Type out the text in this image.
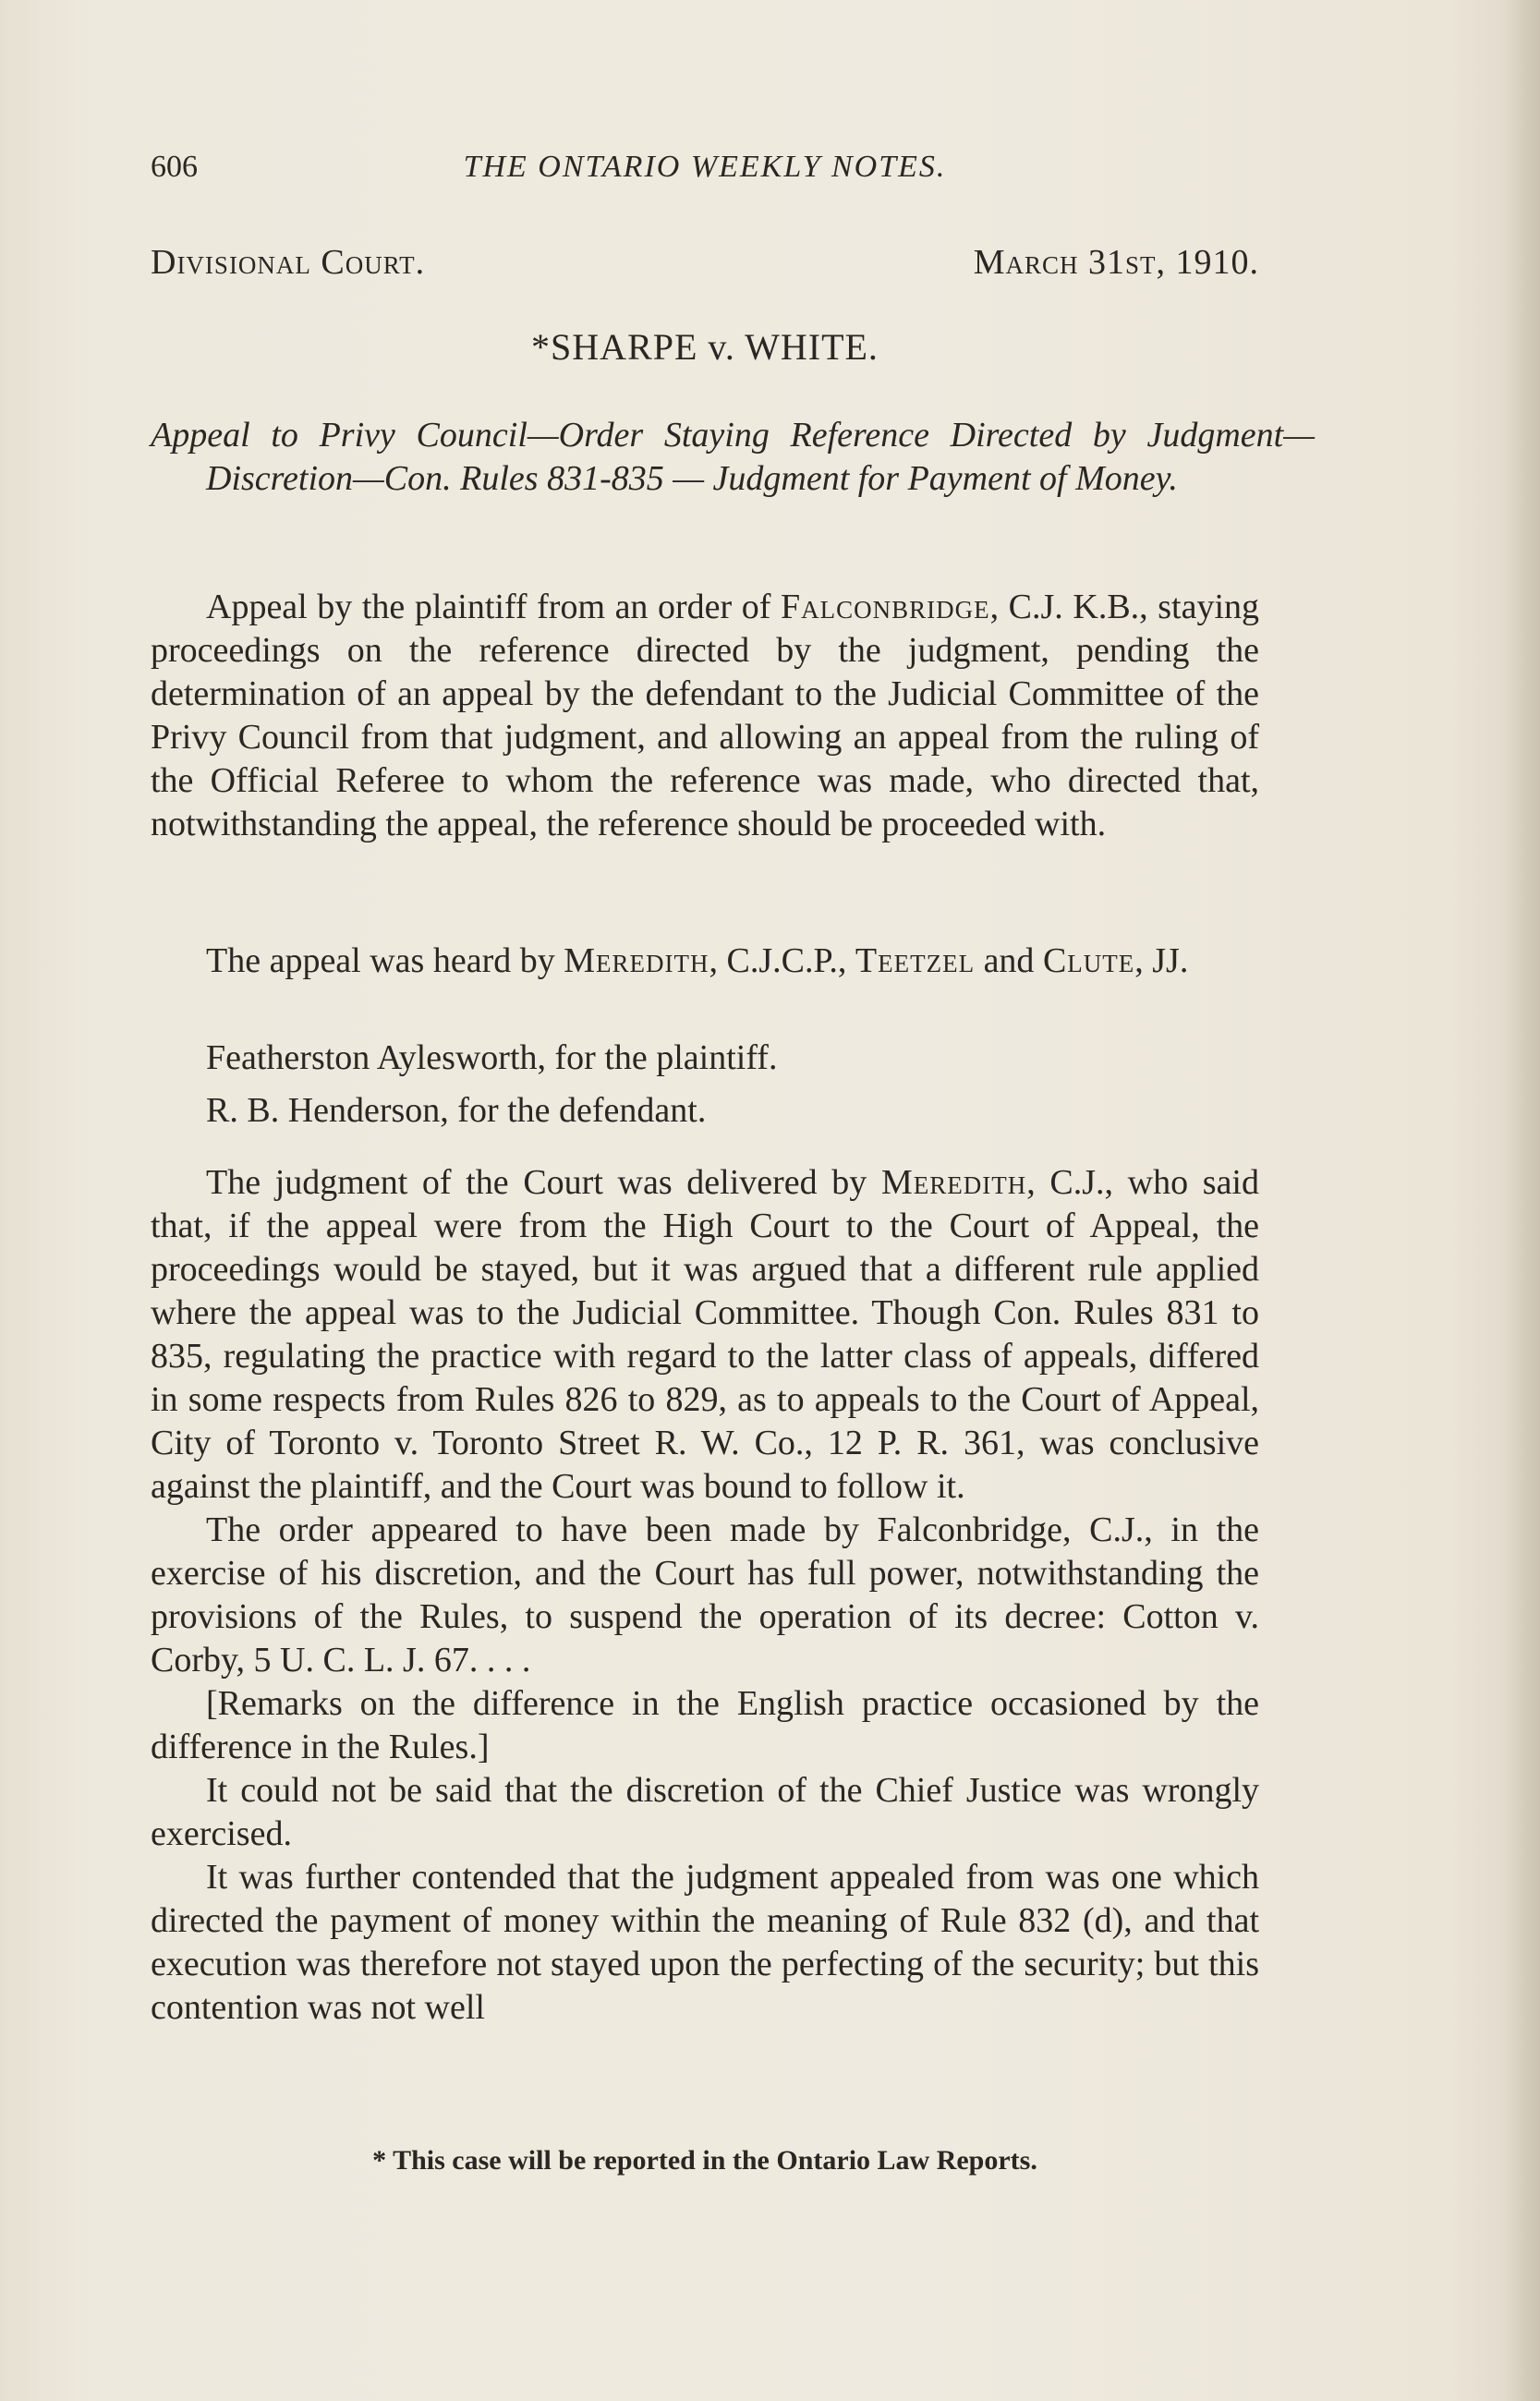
606	THE ONTARIO WEEKLY NOTES.
Divisional Court.	March 31st, 1910.
*SHARPE v. WHITE.

Appeal to Privy Council—Order Staying Reference Directed by Judgment—Discretion—Con. Rules 831-835 — Judgment for Payment of Money.

Appeal by the plaintiff from an order of Falconbridge, C.J. K.B., staying proceedings on the reference directed by the judgment, pending the determination of an appeal by the defendant to the Judicial Committee of the Privy Council from that judgment, and allowing an appeal from the ruling of the Official Referee to whom the reference was made, who directed that, notwithstanding the appeal, the reference should be proceeded with.

The appeal was heard by Meredith, C.J.C.P., Teetzel and Clute, JJ.

Featherston Aylesworth, for the plaintiff.

R. B. Henderson, for the defendant.

The judgment of the Court was delivered by Meredith, C.J., who said that, if the appeal were from the High Court to the Court of Appeal, the proceedings would be stayed, but it was argued that a different rule applied where the appeal was to the Judicial Committee. Though Con. Rules 831 to 835, regulating the practice with regard to the latter class of appeals, differed in some respects from Rules 826 to 829, as to appeals to the Court of Appeal, City of Toronto v. Toronto Street R. W. Co., 12 P. R. 361, was conclusive against the plaintiff, and the Court was bound to follow it.

The order appeared to have been made by Falconbridge, C.J., in the exercise of his discretion, and the Court has full power, notwithstanding the provisions of the Rules, to suspend the operation of its decree: Cotton v. Corby, 5 U. C. L. J. 67. . . .

[Remarks on the difference in the English practice occasioned by the difference in the Rules.]

It could not be said that the discretion of the Chief Justice was wrongly exercised.

It was further contended that the judgment appealed from was one which directed the payment of money within the meaning of Rule 832 (d), and that execution was therefore not stayed upon the perfecting of the security; but this contention was not well

* This case will be reported in the Ontario Law Reports.
